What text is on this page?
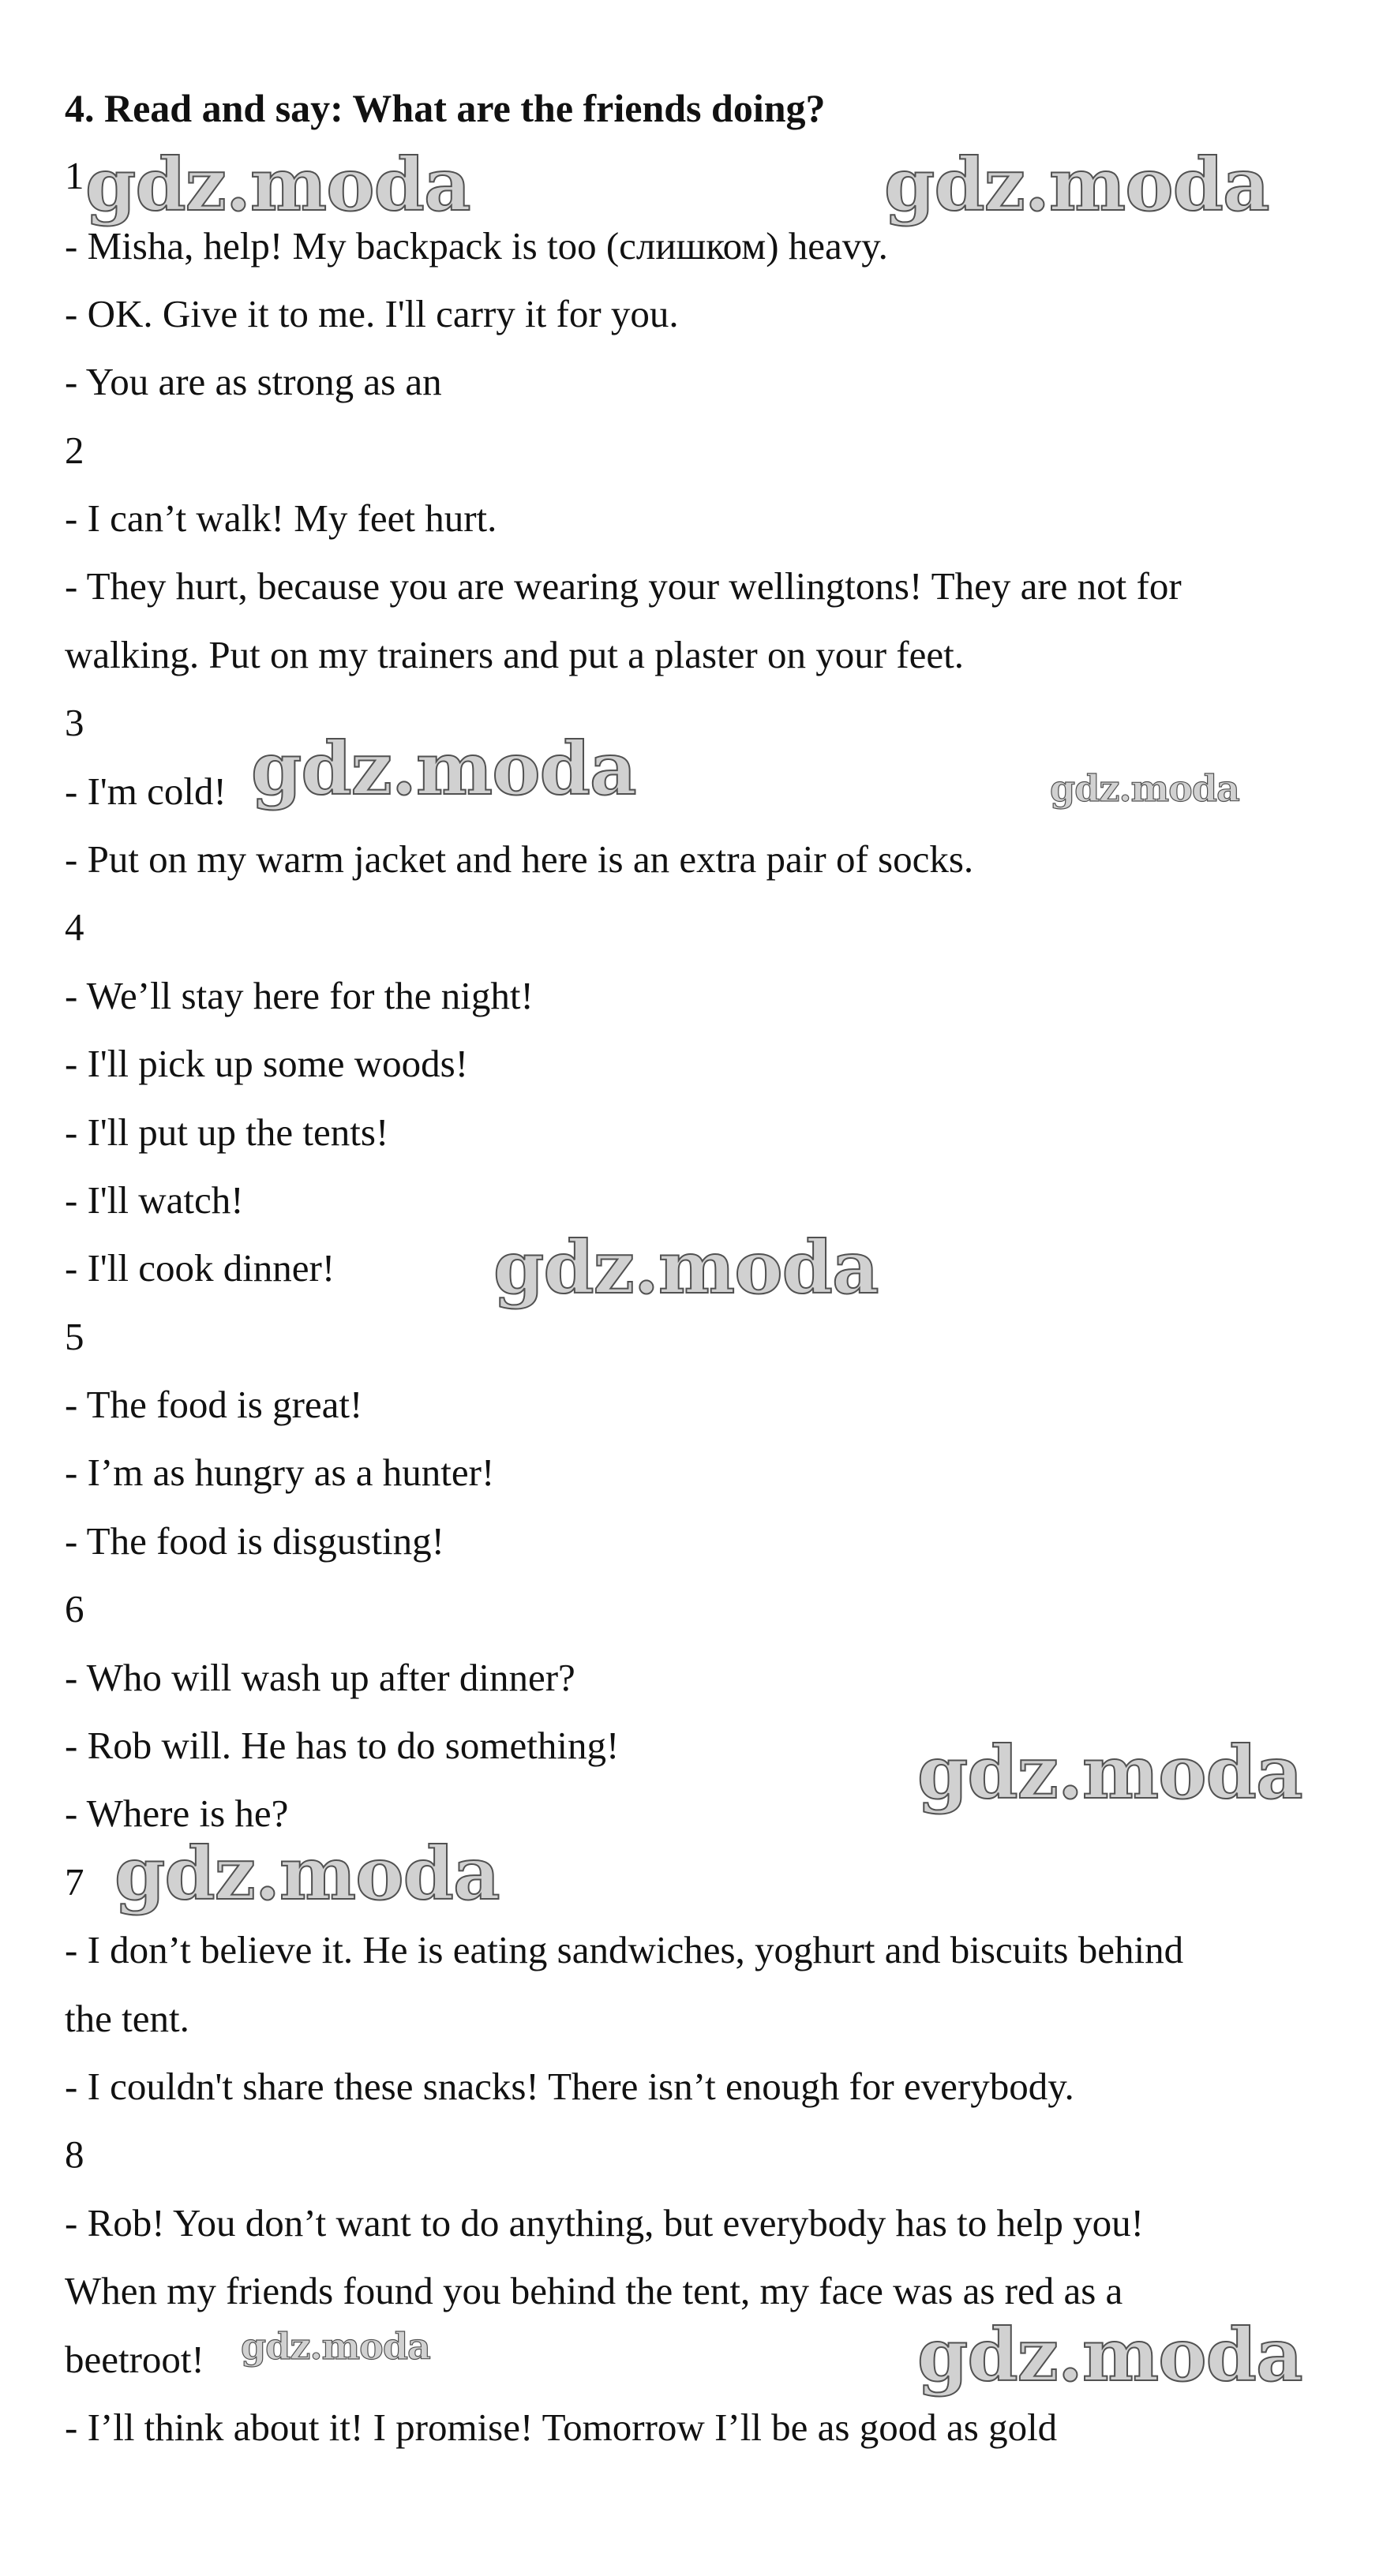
4. Read and say: What are the friends doing?
1
- Misha, help! My backpack is too (слишком) heavy.
- OK. Give it to me. I'll carry it for you.
- You are as strong as an
2
- I can’t walk! My feet hurt.
- They hurt, because you are wearing your wellingtons! They are not for
walking. Put on my trainers and put a plaster on your feet.
3
- I'm cold!
- Put on my warm jacket and here is an extra pair of socks.
4
- We’ll stay here for the night!
- I'll pick up some woods!
- I'll put up the tents!
- I'll watch!
- I'll cook dinner!
5
- The food is great!
- I’m as hungry as a hunter!
- The food is disgusting!
6
- Who will wash up after dinner?
- Rob will. He has to do something!
- Where is he?
7
- I don’t believe it. He is eating sandwiches, yoghurt and biscuits behind
the tent.
- I couldn't share these snacks! There isn’t enough for everybody.
8
- Rob! You don’t want to do anything, but everybody has to help you!
When my friends found you behind the tent, my face was as red as a
beetroot!
- I’ll think about it! I promise! Tomorrow I’ll be as good as gold
gdz.moda	gdz.moda
gdz.moda	gdz.moda
gdz.moda
gdz.moda
gdz.moda
gdz.moda	gdz.moda
